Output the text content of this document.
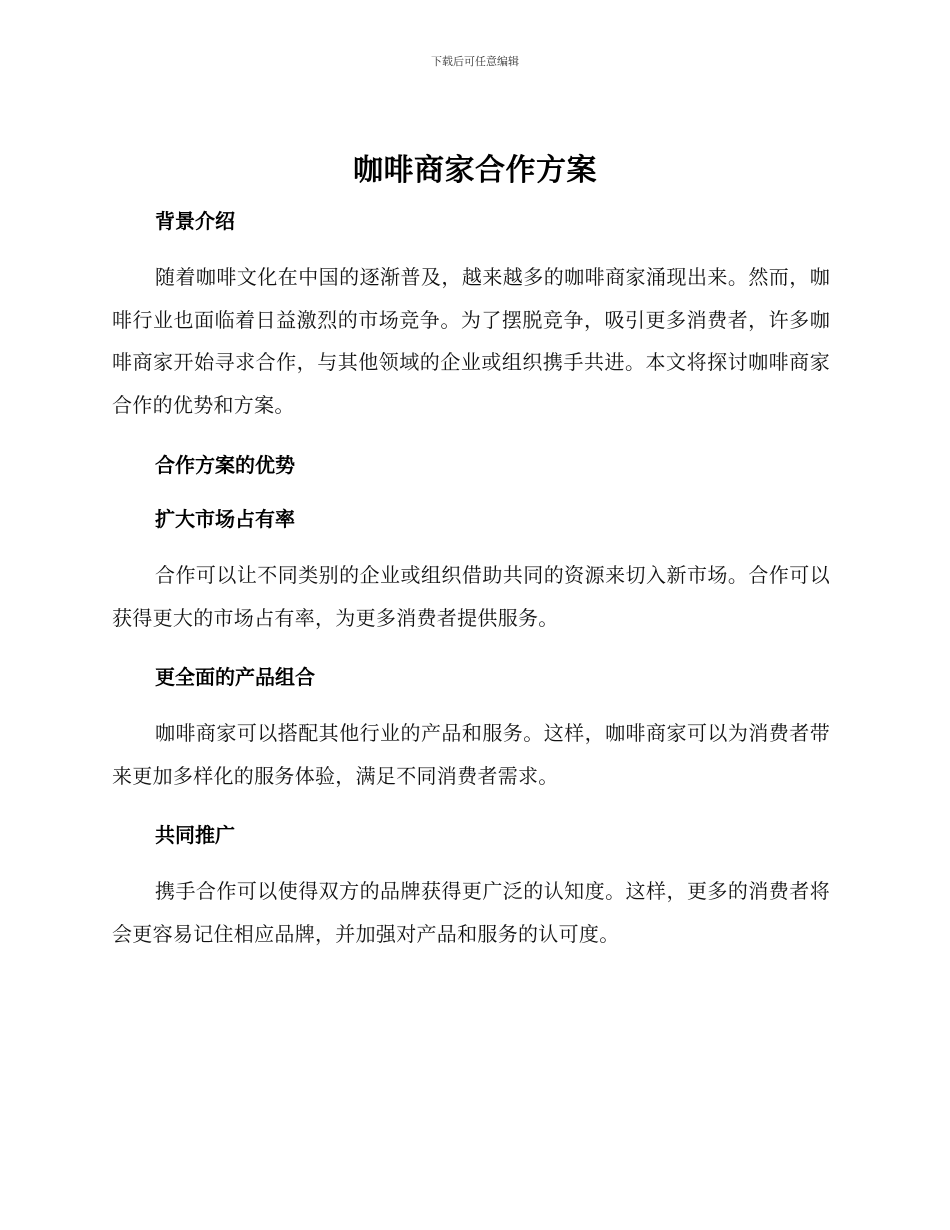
下载后可任意编辑
咖啡商家合作方案
背景介绍
随着咖啡文化在中国的逐渐普及，越来越多的咖啡商家涌现出来。然而，咖啡行业也面临着日益激烈的市场竞争。为了摆脱竞争，吸引更多消费者，许多咖啡商家开始寻求合作，与其他领域的企业或组织携手共进。本文将探讨咖啡商家合作的优势和方案。
合作方案的优势
扩大市场占有率
合作可以让不同类别的企业或组织借助共同的资源来切入新市场。合作可以获得更大的市场占有率，为更多消费者提供服务。
更全面的产品组合
咖啡商家可以搭配其他行业的产品和服务。这样，咖啡商家可以为消费者带来更加多样化的服务体验，满足不同消费者需求。
共同推广
携手合作可以使得双方的品牌获得更广泛的认知度。这样，更多的消费者将会更容易记住相应品牌，并加强对产品和服务的认可度。
